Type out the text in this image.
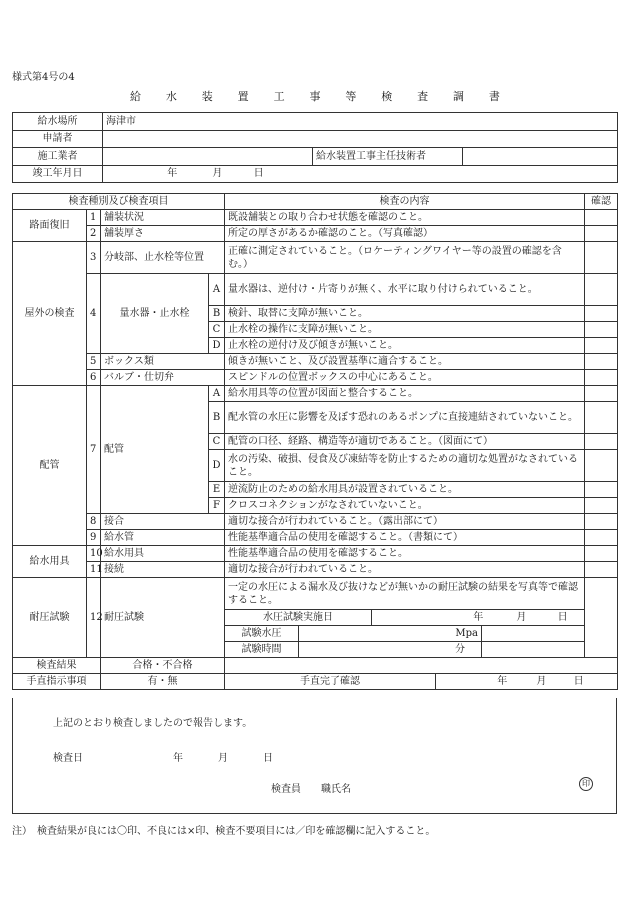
様式第4号の4
給 水 装 置 工 事 等 検 査 調 書
給水場所	海津市		
申請者			
施工業者		給水装置工事主任技術者	
竣工年月日	年 月 日		
検査種別及び検査項目				検査の内容					確認
路面復旧	1	舗装状況		既設舗装との取り合わせ状態を確認のこと。					
	2	舗装厚さ		所定の厚さがあるか確認のこと。（写真確認）					
屋外の検査	3	分岐部、止水栓等位置		正確に測定されていること。（ロケーティングワイヤー等の設置の確認を含む。）					
	4	量水器・止水栓	A	量水器は、逆付け・片寄りが無く、水平に取り付けられていること。					
			B	検針、取替に支障が無いこと。					
			C	止水栓の操作に支障が無いこと。					
			D	止水栓の逆付け及び傾きが無いこと。					
	5	ボックス類		傾きが無いこと、及び設置基準に適合すること。					
	6	バルブ・仕切弁		スピンドルの位置ボックスの中心にあること。					
配管	7	配管	A	給水用具等の位置が図面と整合すること。					
			B	配水管の水圧に影響を及ぼす恐れのあるポンプに直接連結されていないこと。					
			C	配管の口径、経路、構造等が適切であること。（図面にて）					
			D	水の汚染、破損、侵食及び凍結等を防止するための適切な処置がなされていること。					
			E	逆流防止のための給水用具が設置されていること。					
			F	クロスコネクションがなされていないこと。					
	8	接合		適切な接合が行われていること。（露出部にて）					
	9	給水管		性能基準適合品の使用を確認すること。（書類にて）					
給水用具	10	給水用具		性能基準適合品の使用を確認すること。					
	11	接続		適切な接合が行われていること。					
耐圧試験	12	耐圧試験		一定の水圧による漏水及び抜けなどが無いかの耐圧試験の結果を写真等で確認すること。					
				水圧試験実施日		年 月 日			
				試験水圧	Mpa				
				試験時間	分				
検査結果		合格・不合格							
手直指示事項		有・無		手直完了確認			年 月 日		
上記のとおり検査しましたので報告します。
検査日	年	月	日
検査員　　職氏名
印
注）　検査結果が良には〇印、不良には×印、検査不要項目には／印を確認欄に記入すること。
